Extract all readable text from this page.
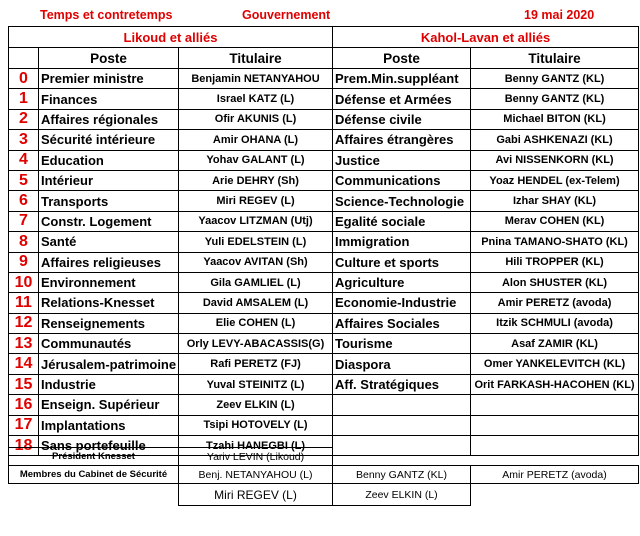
Temps et contretemps	Gouvernement	19 mai 2020
Likoud et alliés			Kahol-Lavan et alliés	
	Poste	Titulaire	Poste	Titulaire
0	Premier ministre	Benjamin NETANYAHOU	Prem.Min.suppléant	Benny GANTZ (KL)
1	Finances	Israel KATZ (L)	Défense et Armées	Benny GANTZ (KL)
2	Affaires régionales	Ofir AKUNIS (L)	Défense civile	Michael BITON (KL)
3	Sécurité intérieure	Amir OHANA (L)	Affaires étrangères	Gabi ASHKENAZI (KL)
4	Education	Yohav GALANT (L)	Justice	Avi NISSENKORN (KL)
5	Intérieur	Arie DEHRY (Sh)	Communications	Yoaz HENDEL (ex-Telem)
6	Transports	Miri REGEV (L)	Science-Technologie	Izhar SHAY (KL)
7	Constr. Logement	Yaacov LITZMAN (Utj)	Egalité sociale	Merav COHEN (KL)
8	Santé	Yuli EDELSTEIN (L)	Immigration	Pnina TAMANO-SHATO (KL)
9	Affaires religieuses	Yaacov AVITAN (Sh)	Culture et sports	Hili TROPPER (KL)
10	Environnement	Gila GAMLIEL (L)	Agriculture	Alon SHUSTER (KL)
11	Relations-Knesset	David AMSALEM (L)	Economie-Industrie	Amir PERETZ (avoda)
12	Renseignements	Elie COHEN (L)	Affaires Sociales	Itzik SCHMULI (avoda)
13	Communautés	Orly LEVY-ABACASSIS(G)	Tourisme	Asaf ZAMIR (KL)
14	Jérusalem-patrimoine	Rafi PERETZ (FJ)	Diaspora	Omer YANKELEVITCH (KL)
15	Industrie	Yuval STEINITZ (L)	Aff. Stratégiques	Orit FARKASH-HACOHEN (KL)
16	Enseign. Supérieur	Zeev ELKIN (L)		
17	Implantations	Tsipi HOTOVELY (L)		
18	Sans portefeuille	Tzahi HANEGBI (L)		
Président Knesset	Yariv LEVIN (Likoud)		
Membres du Cabinet de Sécurité	Benj. NETANYAHOU (L)	Benny GANTZ (KL)	Amir PERETZ (avoda)
	Miri REGEV (L)	Zeev ELKIN (L)	
